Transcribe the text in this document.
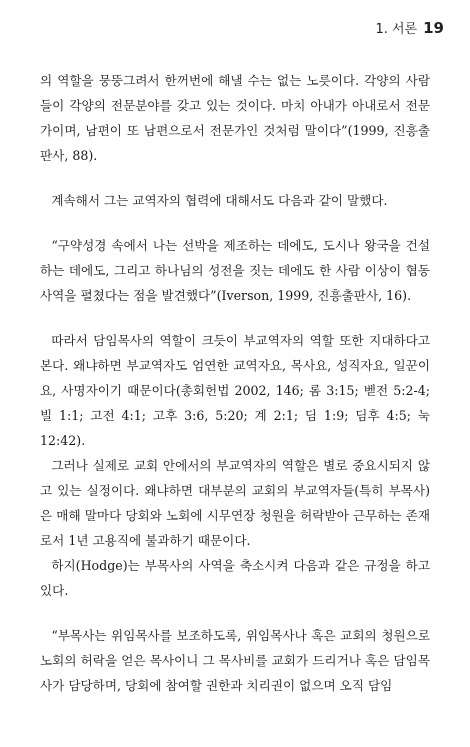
1. 서론 19

의 역할을 뭉뚱그려서 한꺼번에 해낼 수는 없는 노릇이다. 각양의 사람들이 각양의 전문분야를 갖고 있는 것이다. 마치 아내가 아내로서 전문가이며, 남편이 또 남편으로서 전문가인 것처럼 말이다”(1999, 진흥출판사, 88).

계속해서 그는 교역자의 협력에 대해서도 다음과 같이 말했다.

“구약성경 속에서 나는 선박을 제조하는 데에도, 도시나 왕국을 건설하는 데에도, 그리고 하나님의 성전을 짓는 데에도 한 사람 이상이 협동 사역을 펼쳤다는 점을 발견했다”(Iverson, 1999, 진흥출판사, 16).

따라서 담임목사의 역할이 크듯이 부교역자의 역할 또한 지대하다고 본다. 왜냐하면 부교역자도 엄연한 교역자요, 목사요, 성직자요, 일꾼이요, 사명자이기 때문이다(총회헌법 2002, 146; 롬 3:15; 벧전 5:2-4; 빌 1:1; 고전 4:1; 고후 3:6, 5:20; 계 2:1; 딤 1:9; 딤후 4:5; 눅 12:42).

그러나 실제로 교회 안에서의 부교역자의 역할은 별로 중요시되지 않고 있는 실정이다. 왜냐하면 대부분의 교회의 부교역자들(특히 부목사)은 매해 말마다 당회와 노회에 시무연장 청원을 허락받아 근무하는 존재로서 1년 고용직에 불과하기 때문이다.

하지(Hodge)는 부목사의 사역을 축소시켜 다음과 같은 규정을 하고 있다.

“부목사는 위임목사를 보조하도록, 위임목사나 혹은 교회의 청원으로 노회의 허락을 얻은 목사이니 그 목사비를 교회가 드리거나 혹은 담임목사가 담당하며, 당회에 참여할 권한과 치리권이 없으며 오직 담임
